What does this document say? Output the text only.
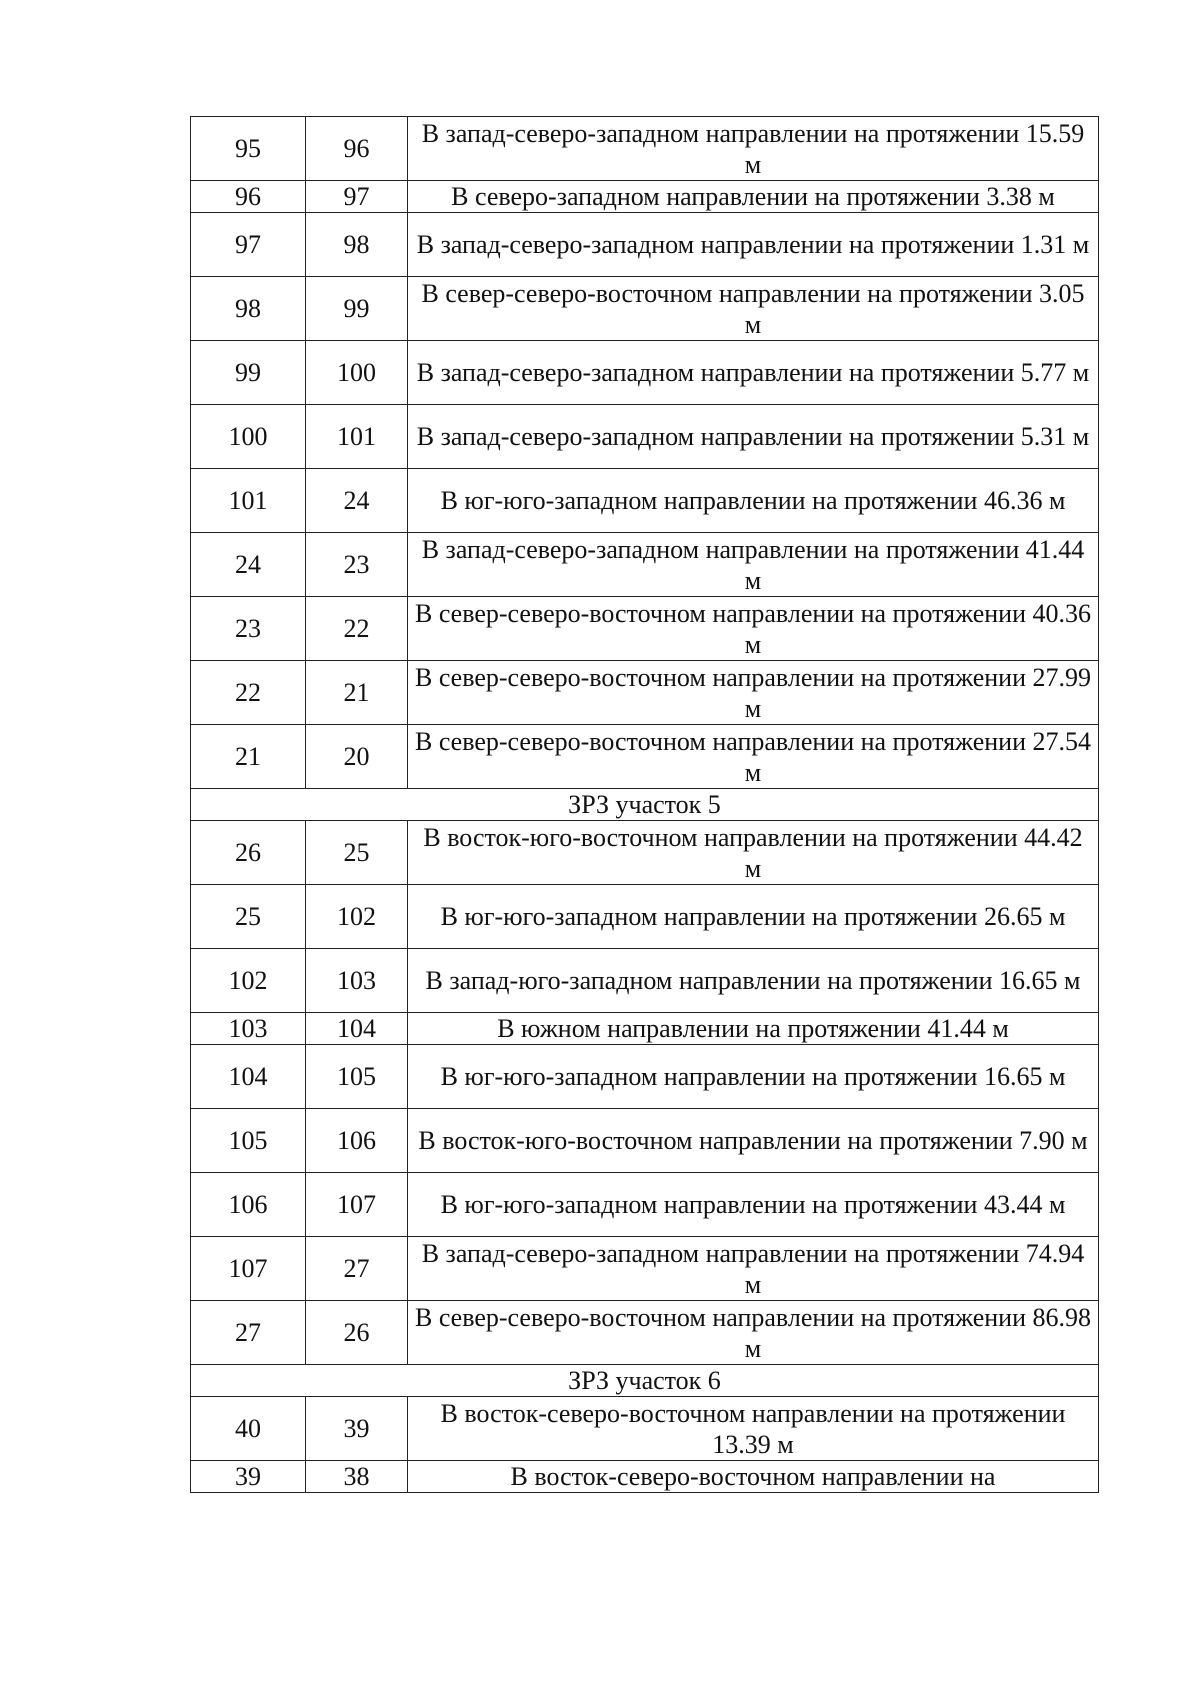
95	96	В запад-северо-западном направлении на протяжении 15.59 м
96	97	В северо-западном направлении на протяжении 3.38 м
97	98	В запад-северо-западном направлении на протяжении 1.31 м
98	99	В север-северо-восточном направлении на протяжении 3.05 м
99	100	В запад-северо-западном направлении на протяжении 5.77 м
100	101	В запад-северо-западном направлении на протяжении 5.31 м
101	24	В юг-юго-западном направлении на протяжении 46.36 м
24	23	В запад-северо-западном направлении на протяжении 41.44 м
23	22	В север-северо-восточном направлении на протяжении 40.36 м
22	21	В север-северо-восточном направлении на протяжении 27.99 м
21	20	В север-северо-восточном направлении на протяжении 27.54 м
ЗРЗ участок 5		
26	25	В восток-юго-восточном направлении на протяжении 44.42 м
25	102	В юг-юго-западном направлении на протяжении 26.65 м
102	103	В запад-юго-западном направлении на протяжении 16.65 м
103	104	В южном направлении на протяжении 41.44 м
104	105	В юг-юго-западном направлении на протяжении 16.65 м
105	106	В восток-юго-восточном направлении на протяжении 7.90 м
106	107	В юг-юго-западном направлении на протяжении 43.44 м
107	27	В запад-северо-западном направлении на протяжении 74.94 м
27	26	В север-северо-восточном направлении на протяжении 86.98 м
ЗРЗ участок 6		
40	39	В восток-северо-восточном направлении на протяжении 13.39 м
39	38	В восток-северо-восточном направлении на
